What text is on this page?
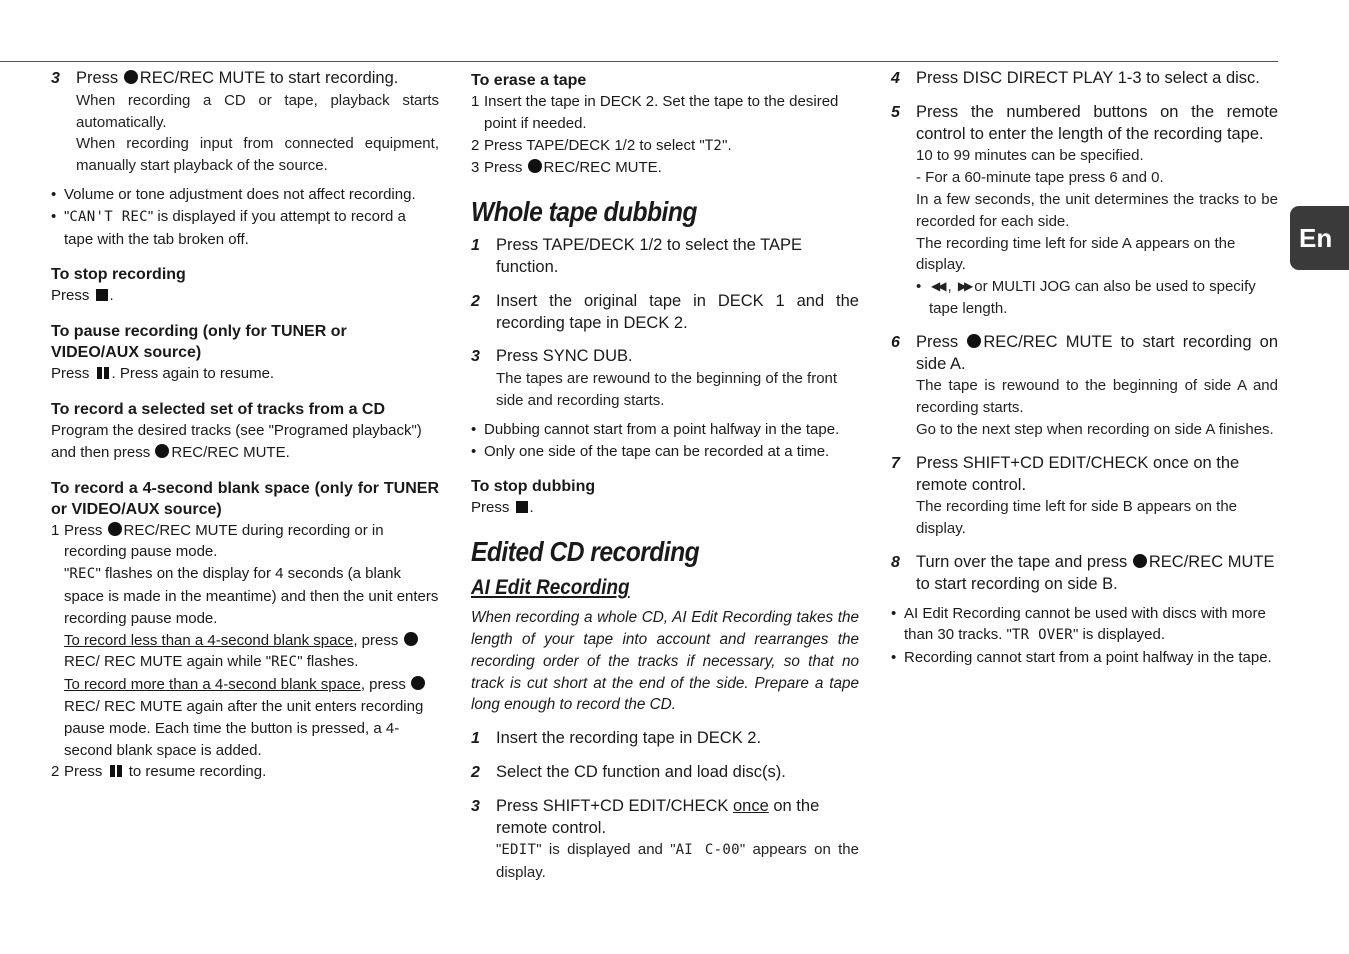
3 Press REC/REC MUTE to start recording.
When recording a CD or tape, playback starts automatically.
When recording input from connected equipment, manually start playback of the source.
• Volume or tone adjustment does not affect recording.
• "CAN'T REC" is displayed if you attempt to record a tape with the tab broken off.
To stop recording
Press .
To pause recording (only for TUNER or VIDEO/AUX source)
Press . Press again to resume.
To record a selected set of tracks from a CD
Program the desired tracks (see "Programed playback") and then press REC/REC MUTE.
To record a 4-second blank space (only for TUNER or VIDEO/AUX source)
1 Press REC/REC MUTE during recording or in recording pause mode.
"REC" flashes on the display for 4 seconds (a blank space is made in the meantime) and then the unit enters recording pause mode.
To record less than a 4-second blank space, press REC/ REC MUTE again while "REC" flashes.
To record more than a 4-second blank space, press REC/ REC MUTE again after the unit enters recording pause mode. Each time the button is pressed, a 4-second blank space is added.
2 Press to resume recording.
To erase a tape
1 Insert the tape in DECK 2. Set the tape to the desired point if needed.
2 Press TAPE/DECK 1/2 to select "T2".
3 Press REC/REC MUTE.
Whole tape dubbing
1 Press TAPE/DECK 1/2 to select the TAPE function.
2 Insert the original tape in DECK 1 and the recording tape in DECK 2.
3 Press SYNC DUB.
The tapes are rewound to the beginning of the front side and recording starts.
• Dubbing cannot start from a point halfway in the tape.
• Only one side of the tape can be recorded at a time.
To stop dubbing
Press .
Edited CD recording
AI Edit Recording
When recording a whole CD, AI Edit Recording takes the length of your tape into account and rearranges the recording order of the tracks if necessary, so that no track is cut short at the end of the side. Prepare a tape long enough to record the CD.
1 Insert the recording tape in DECK 2.
2 Select the CD function and load disc(s).
3 Press SHIFT+CD EDIT/CHECK once on the remote control.
"EDIT" is displayed and "AI C-00" appears on the display.
4 Press DISC DIRECT PLAY 1-3 to select a disc.
5 Press the numbered buttons on the remote control to enter the length of the recording tape.
10 to 99 minutes can be specified.
- For a 60-minute tape press 6 and 0.
In a few seconds, the unit determines the tracks to be recorded for each side.
The recording time left for side A appears on the display.
• ◀◀ , ▶▶ or MULTI JOG can also be used to specify tape length.
6 Press REC/REC MUTE to start recording on side A.
The tape is rewound to the beginning of side A and recording starts.
Go to the next step when recording on side A finishes.
7 Press SHIFT+CD EDIT/CHECK once on the remote control.
The recording time left for side B appears on the display.
8 Turn over the tape and press REC/REC MUTE to start recording on side B.
• AI Edit Recording cannot be used with discs with more than 30 tracks. "TR OVER" is displayed.
• Recording cannot start from a point halfway in the tape.
En
